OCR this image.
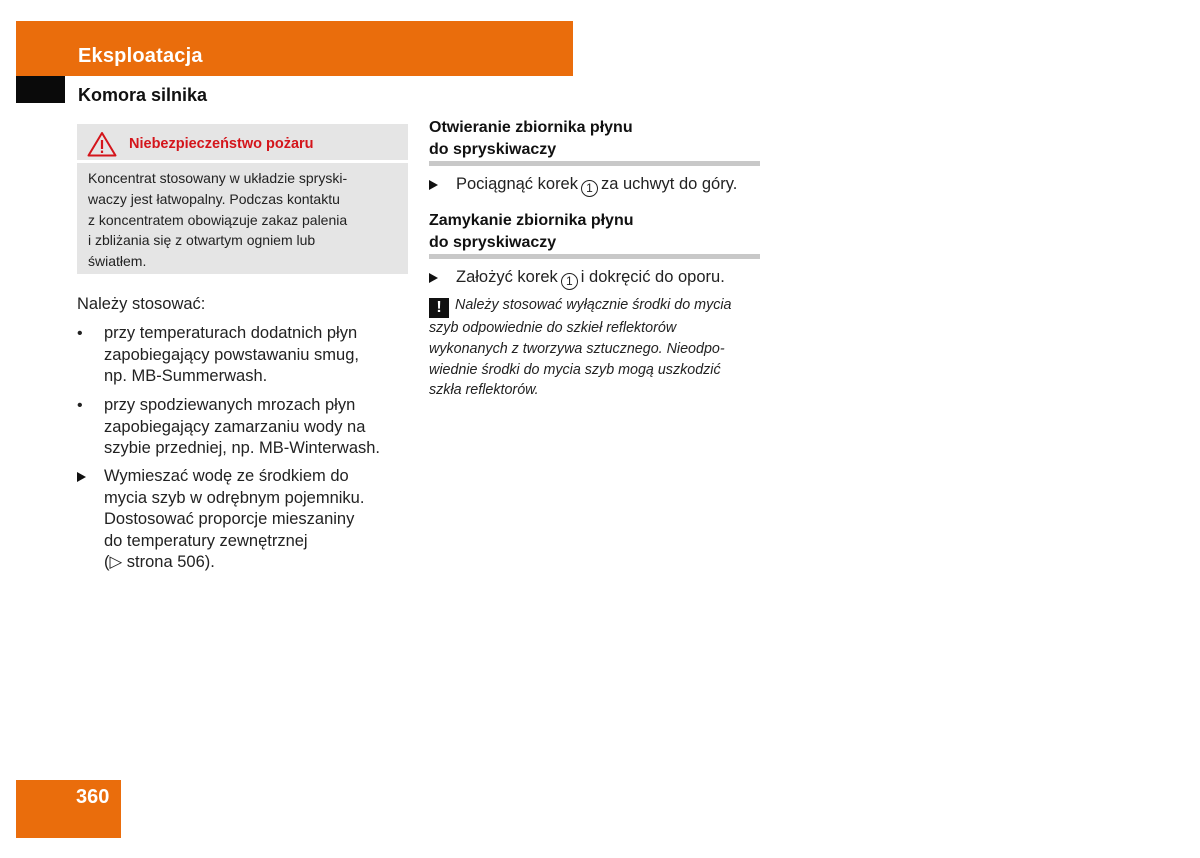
Eksploatacja
Komora silnika
Niebezpieczeństwo pożaru
Koncentrat stosowany w układzie spryski-
waczy jest łatwopalny. Podczas kontaktu
z koncentratem obowiązuje zakaz palenia
i zbliżania się z otwartym ogniem lub
światłem.
Należy stosować:
•	przy temperaturach dodatnich płyn
zapobiegający powstawaniu smug,
np. MB-Summerwash.
•	przy spodziewanych mrozach płyn
zapobiegający zamarzaniu wody na
szybie przedniej, np. MB-Winterwash.
Wymieszać wodę ze środkiem do
mycia szyb w odrębnym pojemniku.
Dostosować proporcje mieszaniny
do temperatury zewnętrznej
(▷ strona 506).
Otwieranie zbiornika płynu
do spryskiwaczy
Pociągnąć korek 1 za uchwyt do góry.
Zamykanie zbiornika płynu
do spryskiwaczy
Założyć korek 1 i dokręcić do oporu.
! Należy stosować wyłącznie środki do mycia
szyb odpowiednie do szkieł reflektorów
wykonanych z tworzywa sztucznego. Nieodpo-
wiednie środki do mycia szyb mogą uszkodzić
szkła reflektorów.
360
